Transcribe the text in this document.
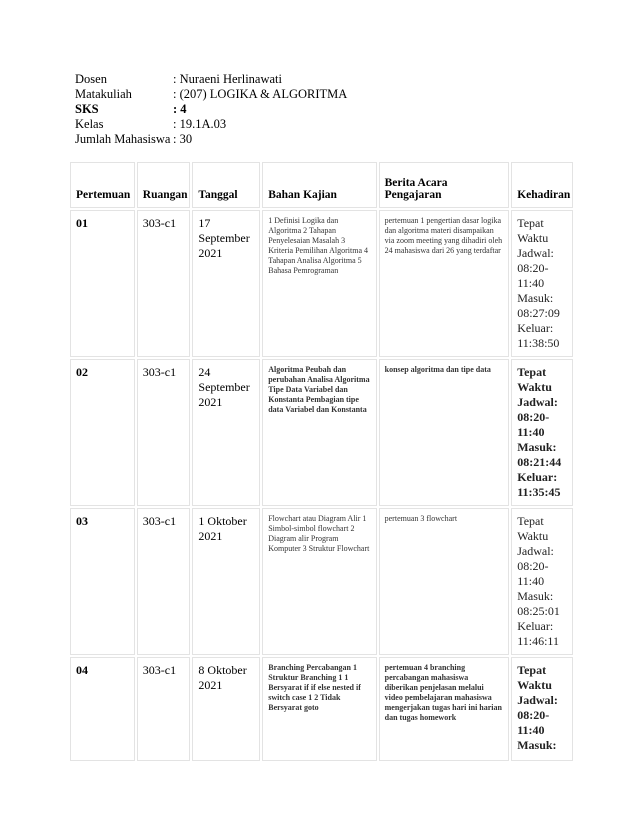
Dosen	: Nuraeni Herlinawati
Matakuliah	: (207) LOGIKA & ALGORITMA
SKS	: 4
Kelas	: 19.1A.03
Jumlah Mahasiswa : 30
Pertemuan	Ruangan	Tanggal	Bahan Kajian	Berita Acara Pengajaran	Kehadiran
01	303-c1	17 September 2021	1 Definisi Logika dan Algoritma 2 Tahapan Penyelesaian Masalah 3 Kriteria Pemilihan Algoritma 4 Tahapan Analisa Algoritma 5 Bahasa Pemrograman	pertemuan 1 pengertian dasar logika dan algoritma materi disampaikan via zoom meeting yang dihadiri oleh 24 mahasiswa dari 26 yang terdaftar	Tepat Waktu
Jadwal: 08:20-11:40
Masuk: 08:27:09
Keluar: 11:38:50

02	303-c1	24 September 2021	Algoritma Peubah dan perubahan Analisa Algoritma Tipe Data Variabel dan Konstanta Pembagian tipe data Variabel dan Konstanta	konsep algoritma dan tipe data	Tepat Waktu
Jadwal: 08:20-11:40
Masuk: 08:21:44
Keluar: 11:35:45

03	303-c1	1 Oktober 2021	Flowchart atau Diagram Alir 1 Simbol-simbol flowchart 2 Diagram alir Program Komputer 3 Struktur Flowchart	pertemuan 3 flowchart	Tepat Waktu
Jadwal: 08:20-11:40
Masuk: 08:25:01
Keluar: 11:46:11

04	303-c1	8 Oktober 2021	Branching Percabangan 1 Struktur Branching 1 1 Bersyarat if if else nested if switch case 1 2 Tidak Bersyarat goto	pertemuan 4 branching percabangan mahasiswa diberikan penjelasan melalui video pembelajaran mahasiswa mengerjakan tugas hari ini harian dan tugas homework	Tepat Waktu
Jadwal: 08:20-11:40
Masuk:
